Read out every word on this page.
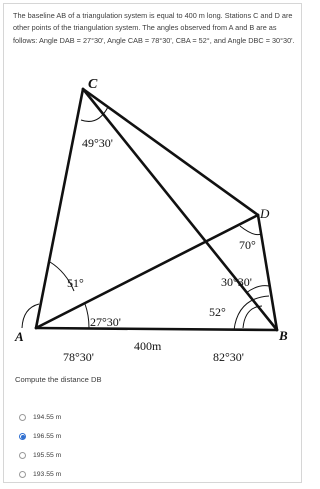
The baseline AB of a triangulation system is equal to 400 m long. Stations C and D are other points of the triangulation system. The angles observed from A and B are as follows: Angle DAB = 27°30', Angle CAB = 78°30', CBA = 52°, and Angle DBC = 30°30'.
C
D
A	B
49°30'
70°
30°30'
52°
51°
27°30'
78°30'	82°30'
400m
Compute the distance DB
194.55 m
196.55 m
195.55 m
193.55 m
